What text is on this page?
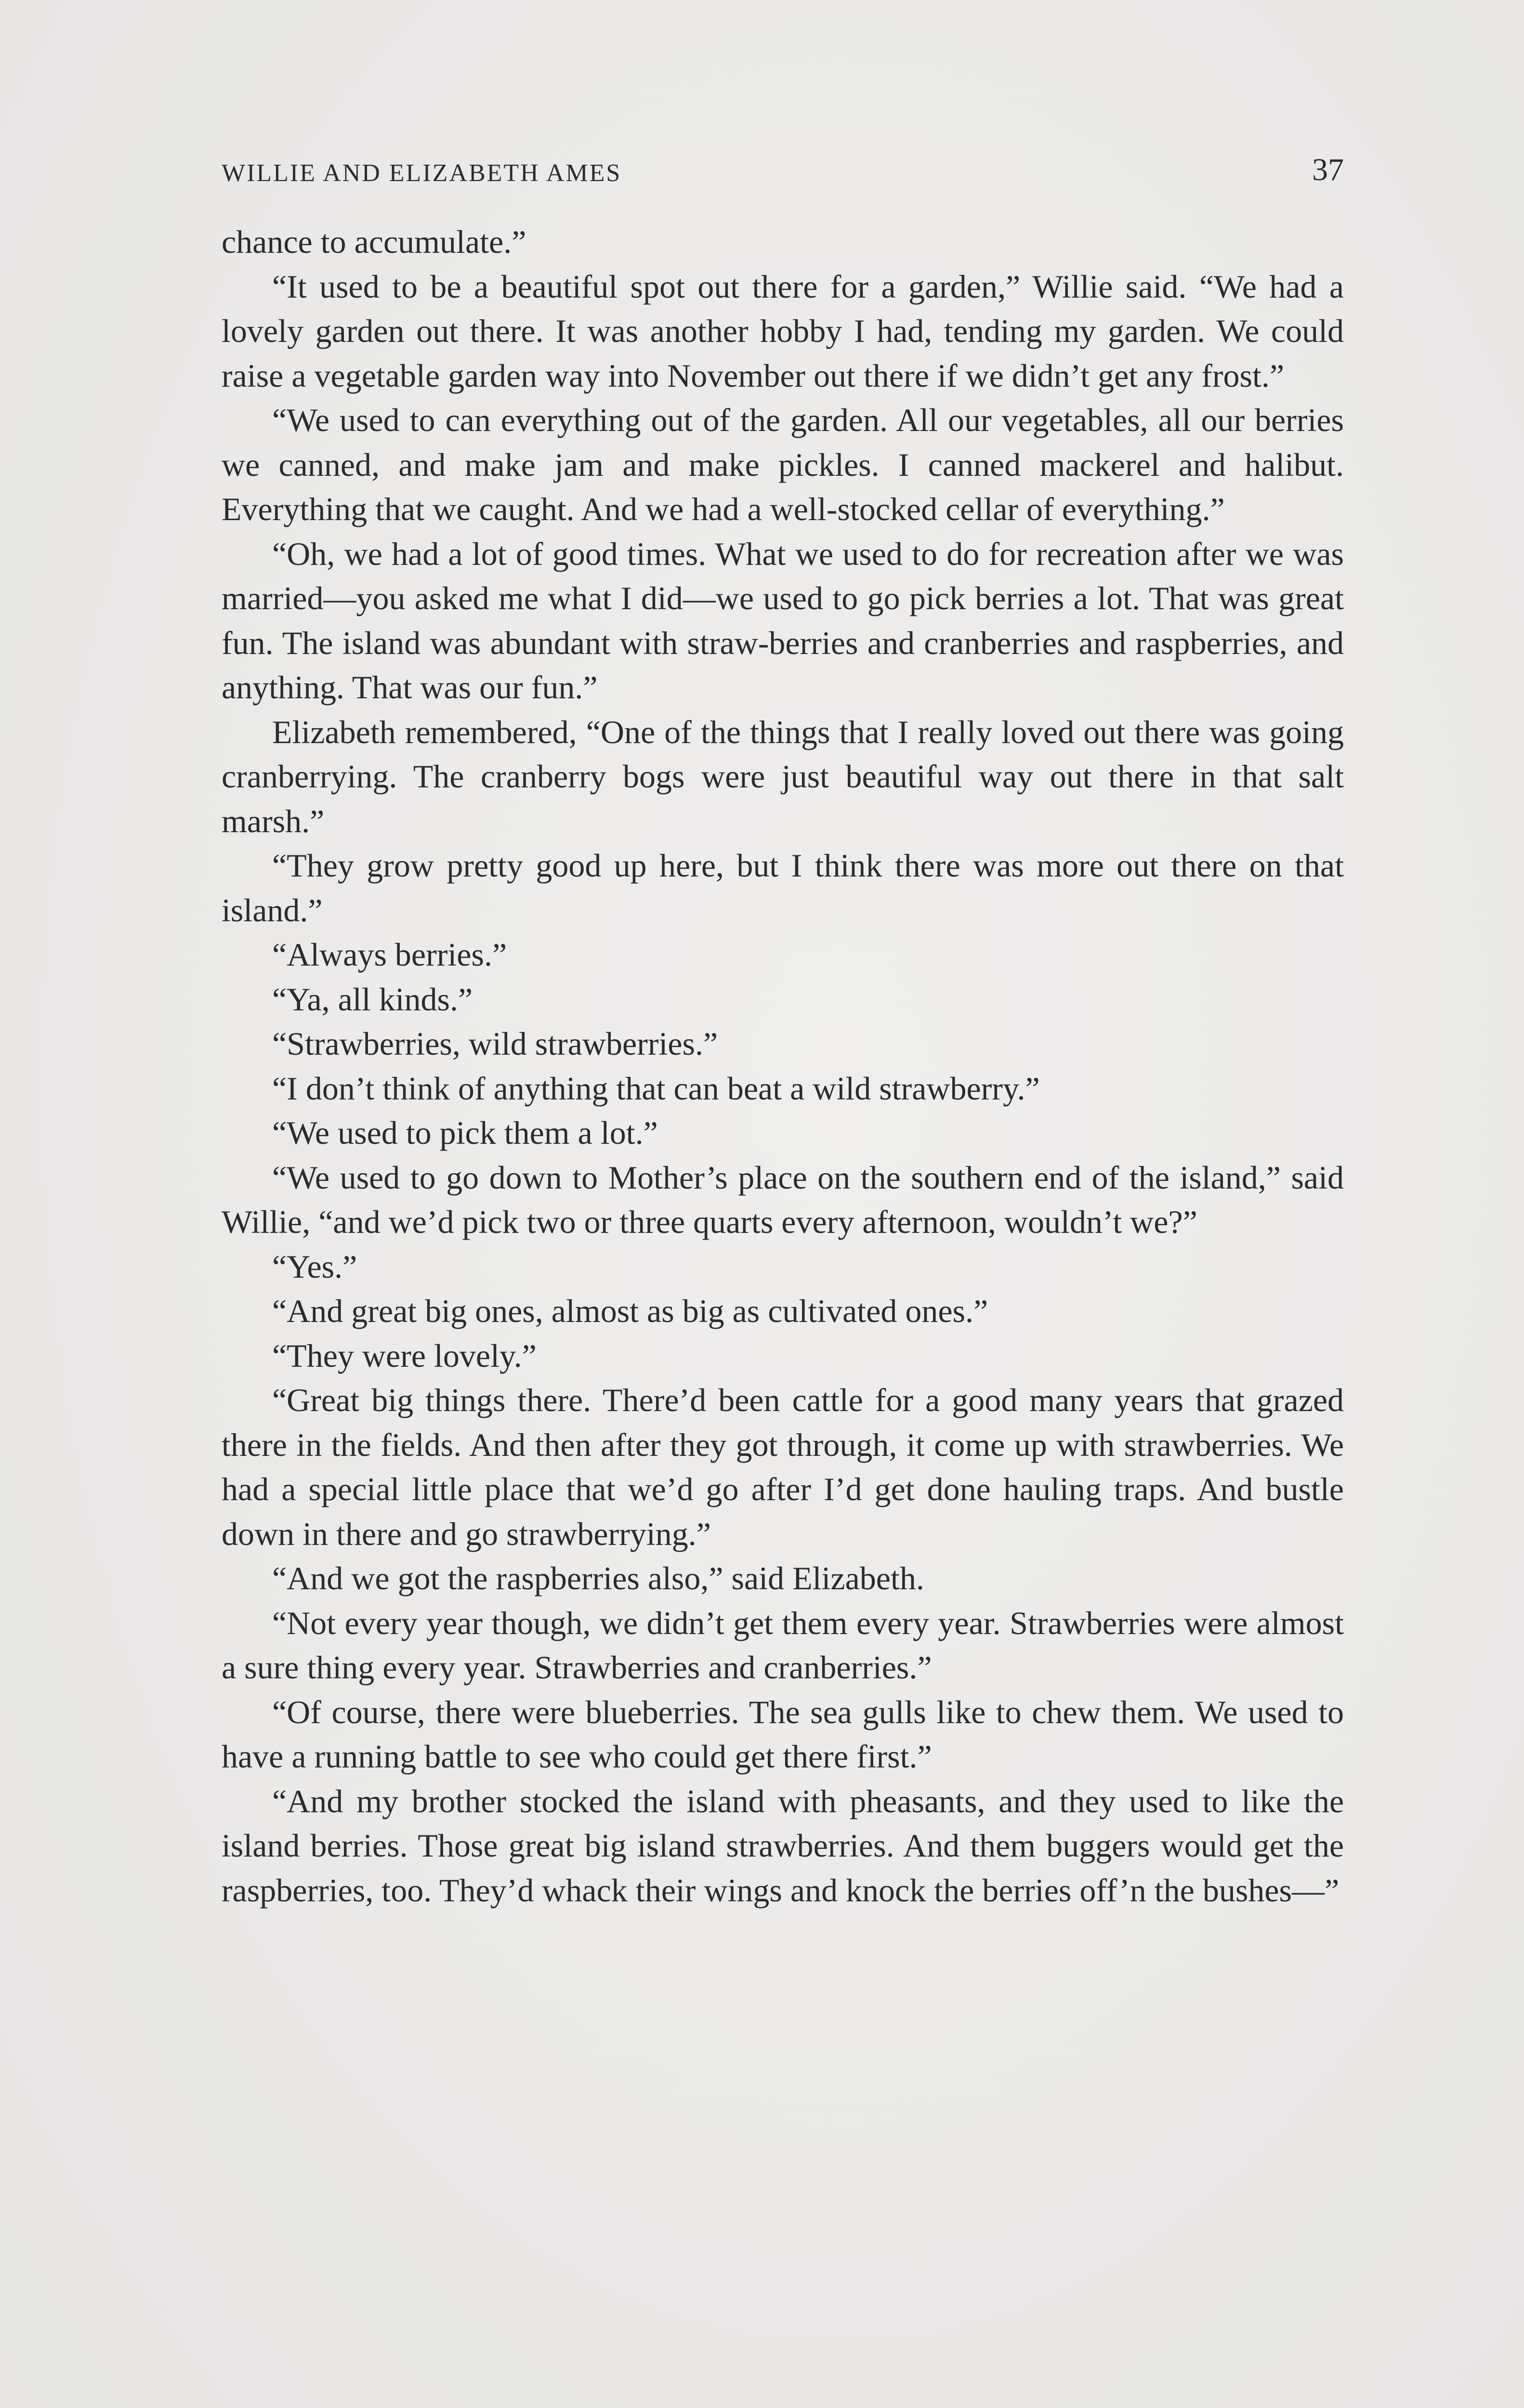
WILLIE AND ELIZABETH AMES	37

chance to accumulate.”

“It used to be a beautiful spot out there for a garden,” Willie said. “We had a lovely garden out there. It was another hobby I had, tending my garden. We could raise a vegetable garden way into November out there if we didn’t get any frost.”

“We used to can everything out of the garden. All our vegetables, all our berries we canned, and make jam and make pickles. I canned mackerel and halibut. Everything that we caught. And we had a well-stocked cellar of everything.”

“Oh, we had a lot of good times. What we used to do for recreation after we was married—you asked me what I did—we used to go pick berries a lot. That was great fun. The island was abundant with straw-berries and cranberries and raspberries, and anything. That was our fun.”

Elizabeth remembered, “One of the things that I really loved out there was going cranberrying. The cranberry bogs were just beautiful way out there in that salt marsh.”

“They grow pretty good up here, but I think there was more out there on that island.”

“Always berries.”

“Ya, all kinds.”

“Strawberries, wild strawberries.”

“I don’t think of anything that can beat a wild strawberry.”

“We used to pick them a lot.”

“We used to go down to Mother’s place on the southern end of the island,” said Willie, “and we’d pick two or three quarts every afternoon, wouldn’t we?”

“Yes.”

“And great big ones, almost as big as cultivated ones.”

“They were lovely.”

“Great big things there. There’d been cattle for a good many years that grazed there in the fields. And then after they got through, it come up with strawberries. We had a special little place that we’d go after I’d get done hauling traps. And bustle down in there and go strawberrying.”

“And we got the raspberries also,” said Elizabeth.

“Not every year though, we didn’t get them every year. Strawberries were almost a sure thing every year. Strawberries and cranberries.”

“Of course, there were blueberries. The sea gulls like to chew them. We used to have a running battle to see who could get there first.”

“And my brother stocked the island with pheasants, and they used to like the island berries. Those great big island strawberries. And them buggers would get the raspberries, too. They’d whack their wings and knock the berries off’n the bushes—”
